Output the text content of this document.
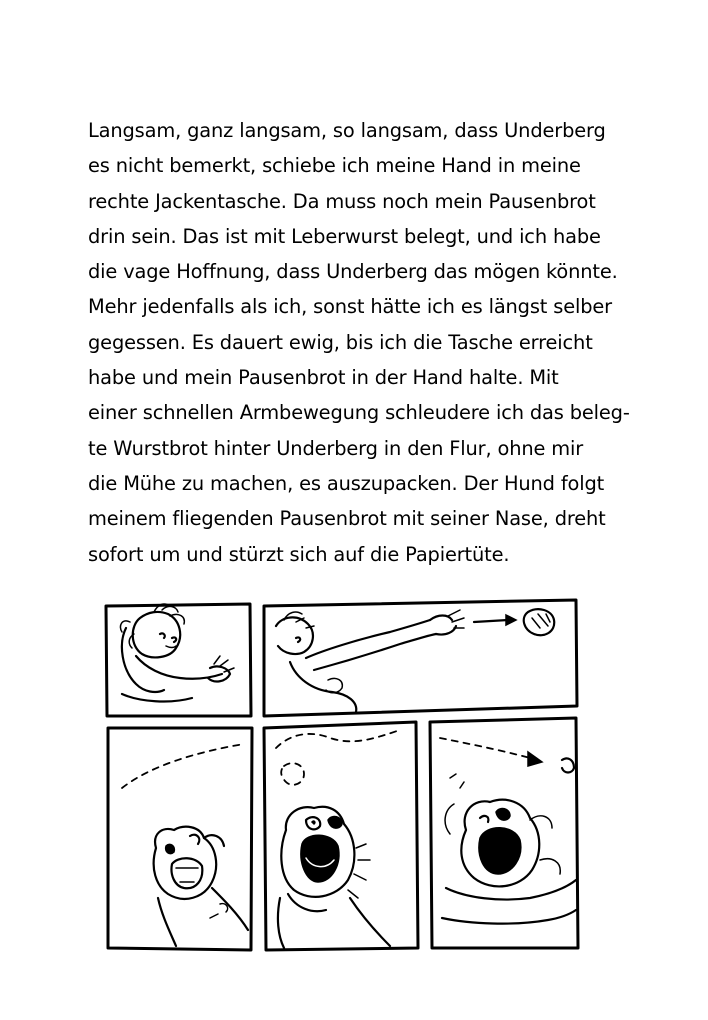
Langsam, ganz langsam, so langsam, dass Underberg
es nicht bemerkt, schiebe ich meine Hand in meine
rechte Jackentasche. Da muss noch mein Pausenbrot
drin sein. Das ist mit Leberwurst belegt, und ich habe
die vage Hoffnung, dass Underberg das mögen könnte.
Mehr jedenfalls als ich, sonst hätte ich es längst selber
gegessen. Es dauert ewig, bis ich die Tasche erreicht
habe und mein Pausenbrot in der Hand halte. Mit
einer schnellen Armbewegung schleudere ich das beleg-
te Wurstbrot hinter Underberg in den Flur, ohne mir
die Mühe zu machen, es auszupacken. Der Hund folgt
meinem fliegenden Pausenbrot mit seiner Nase, dreht
sofort um und stürzt sich auf die Papiertüte.
